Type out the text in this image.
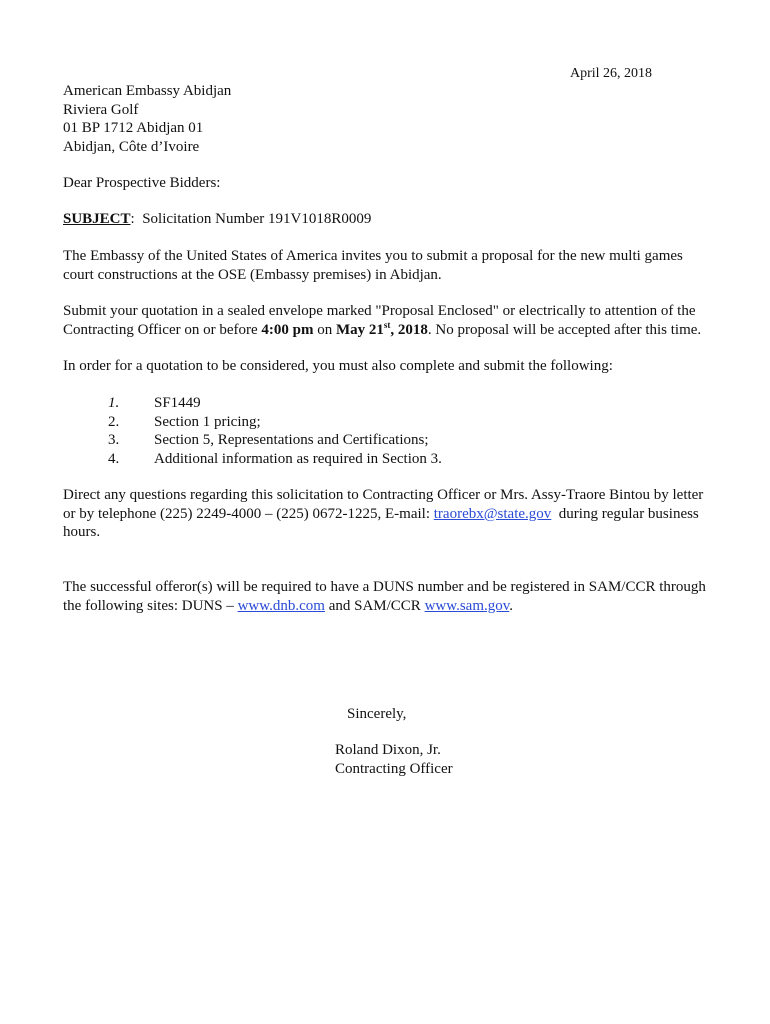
April 26, 2018
American Embassy Abidjan
Riviera Golf
01 BP 1712 Abidjan 01
Abidjan, Côte d’Ivoire
Dear Prospective Bidders:
SUBJECT: Solicitation Number 191V1018R0009
The Embassy of the United States of America invites you to submit a proposal for the new multi games
court constructions at the OSE (Embassy premises) in Abidjan.
Submit your quotation in a sealed envelope marked "Proposal Enclosed" or electrically to attention of the
Contracting Officer on or before 4:00 pm on May 21st, 2018. No proposal will be accepted after this time.
In order for a quotation to be considered, you must also complete and submit the following:
1.	SF1449
2.	Section 1 pricing;
3.	Section 5, Representations and Certifications;
4.	Additional information as required in Section 3.
Direct any questions regarding this solicitation to Contracting Officer or Mrs. Assy-Traore Bintou by letter
or by telephone (225) 2249-4000 – (225) 0672-1225, E-mail: traorebx@state.gov  during regular business
hours.
The successful offeror(s) will be required to have a DUNS number and be registered in SAM/CCR through
the following sites: DUNS – www.dnb.com and SAM/CCR www.sam.gov.
Sincerely,
Roland Dixon, Jr.
Contracting Officer
